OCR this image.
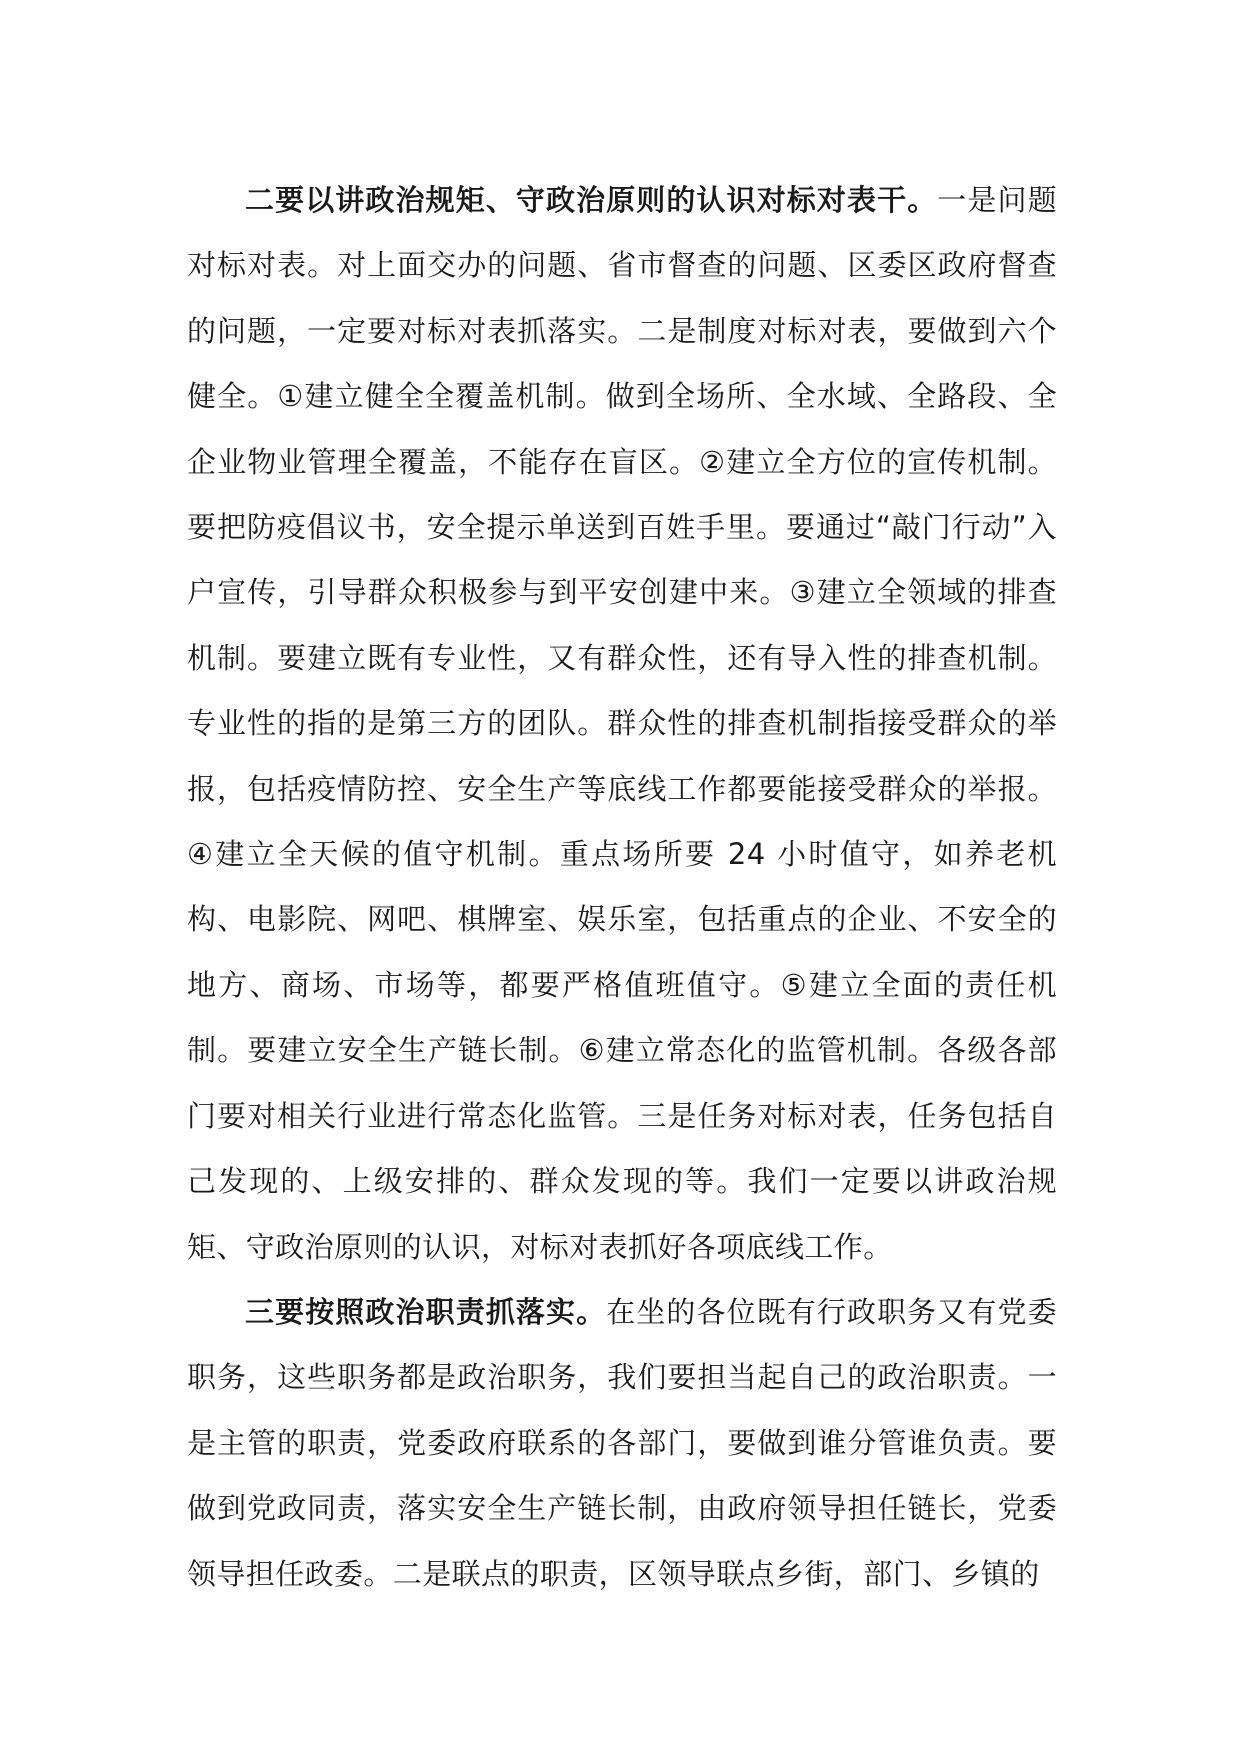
二要以讲政治规矩、守政治原则的认识对标对表干。一是问题对标对表。对上面交办的问题、省市督查的问题、区委区政府督查的问题，一定要对标对表抓落实。二是制度对标对表，要做到六个健全。①建立健全全覆盖机制。做到全场所、全水域、全路段、全企业物业管理全覆盖，不能存在盲区。②建立全方位的宣传机制。要把防疫倡议书，安全提示单送到百姓手里。要通过“敲门行动”入户宣传，引导群众积极参与到平安创建中来。③建立全领域的排查机制。要建立既有专业性，又有群众性，还有导入性的排查机制。专业性的指的是第三方的团队。群众性的排查机制指接受群众的举报，包括疫情防控、安全生产等底线工作都要能接受群众的举报。④建立全天候的值守机制。重点场所要 24 小时值守，如养老机构、电影院、网吧、棋牌室、娱乐室，包括重点的企业、不安全的地方、商场、市场等，都要严格值班值守。⑤建立全面的责任机制。要建立安全生产链长制。⑥建立常态化的监管机制。各级各部门要对相关行业进行常态化监管。三是任务对标对表，任务包括自己发现的、上级安排的、群众发现的等。我们一定要以讲政治规矩、守政治原则的认识，对标对表抓好各项底线工作。

三要按照政治职责抓落实。在坐的各位既有行政职务又有党委职务，这些职务都是政治职务，我们要担当起自己的政治职责。一是主管的职责，党委政府联系的各部门，要做到谁分管谁负责。要做到党政同责，落实安全生产链长制，由政府领导担任链长，党委领导担任政委。二是联点的职责，区领导联点乡街，部门、乡镇的
